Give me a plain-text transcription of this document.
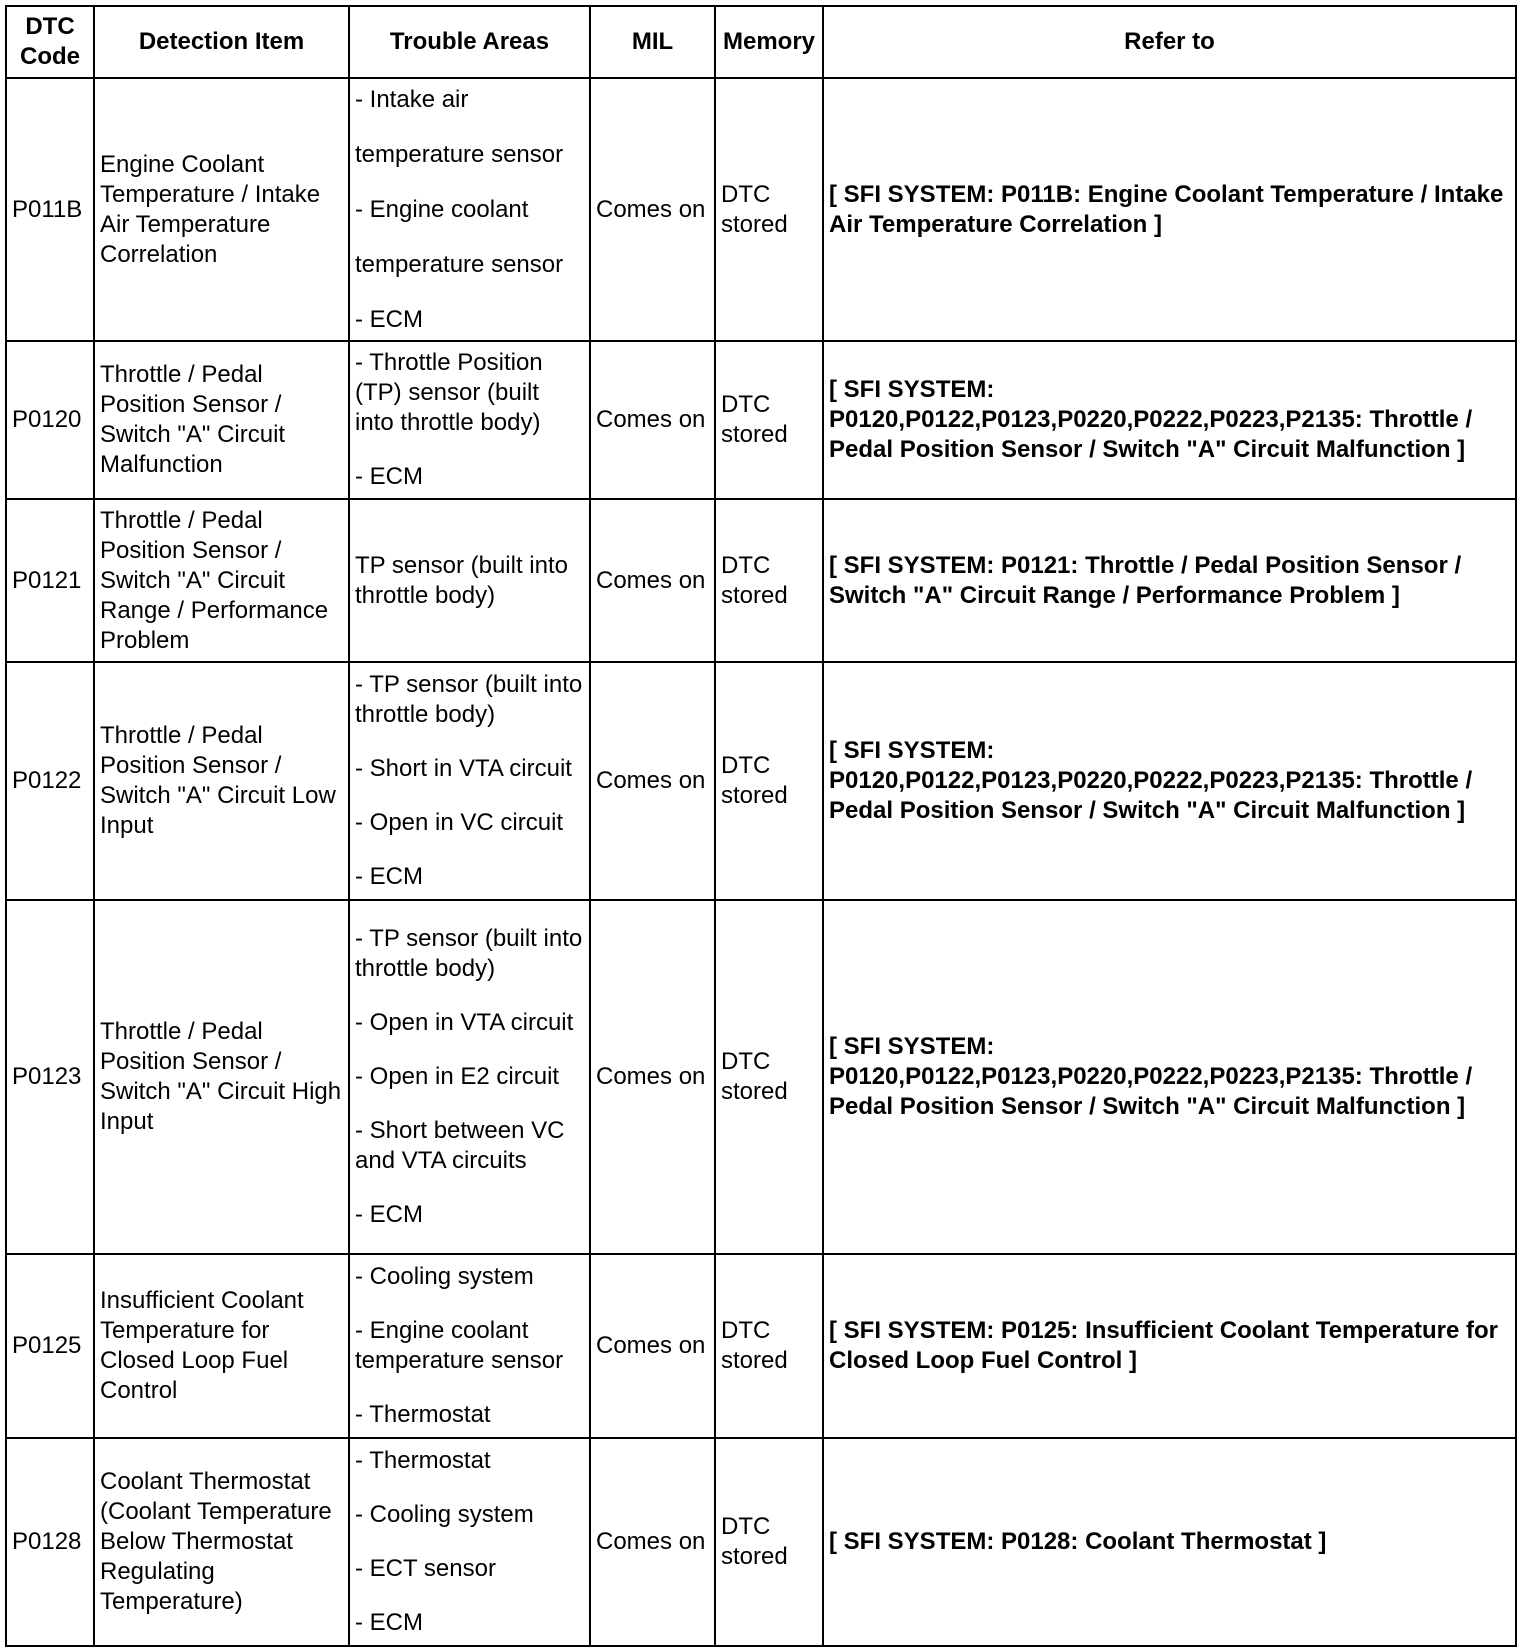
DTC Code	Detection Item	Trouble Areas	MIL	Memory	Refer to
P011B	Engine Coolant Temperature / Intake Air Temperature Correlation	- Intake air
temperature sensor
- Engine coolant
temperature sensor
- ECM	Comes on	DTC stored	[ SFI SYSTEM: P011B: Engine Coolant Temperature / Intake Air Temperature Correlation ]
P0120	Throttle / Pedal Position Sensor / Switch "A" Circuit Malfunction	- Throttle Position (TP) sensor (built into throttle body)
- ECM	Comes on	DTC stored	[ SFI SYSTEM: P0120,P0122,P0123,P0220,P0222,P0223,P2135: Throttle / Pedal Position Sensor / Switch "A" Circuit Malfunction ]
P0121	Throttle / Pedal Position Sensor / Switch "A" Circuit Range / Performance Problem	TP sensor (built into throttle body)	Comes on	DTC stored	[ SFI SYSTEM: P0121: Throttle / Pedal Position Sensor / Switch "A" Circuit Range / Performance Problem ]
P0122	Throttle / Pedal Position Sensor / Switch "A" Circuit Low Input	- TP sensor (built into throttle body)
- Short in VTA circuit
- Open in VC circuit
- ECM	Comes on	DTC stored	[ SFI SYSTEM: P0120,P0122,P0123,P0220,P0222,P0223,P2135: Throttle / Pedal Position Sensor / Switch "A" Circuit Malfunction ]
P0123	Throttle / Pedal Position Sensor / Switch "A" Circuit High Input	- TP sensor (built into throttle body)
- Open in VTA circuit
- Open in E2 circuit
- Short between VC and VTA circuits
- ECM	Comes on	DTC stored	[ SFI SYSTEM: P0120,P0122,P0123,P0220,P0222,P0223,P2135: Throttle / Pedal Position Sensor / Switch "A" Circuit Malfunction ]
P0125	Insufficient Coolant Temperature for Closed Loop Fuel Control	- Cooling system
- Engine coolant temperature sensor
- Thermostat	Comes on	DTC stored	[ SFI SYSTEM: P0125: Insufficient Coolant Temperature for Closed Loop Fuel Control ]
P0128	Coolant Thermostat (Coolant Temperature Below Thermostat Regulating Temperature)	- Thermostat
- Cooling system
- ECT sensor
- ECM	Comes on	DTC stored	[ SFI SYSTEM: P0128: Coolant Thermostat ]
